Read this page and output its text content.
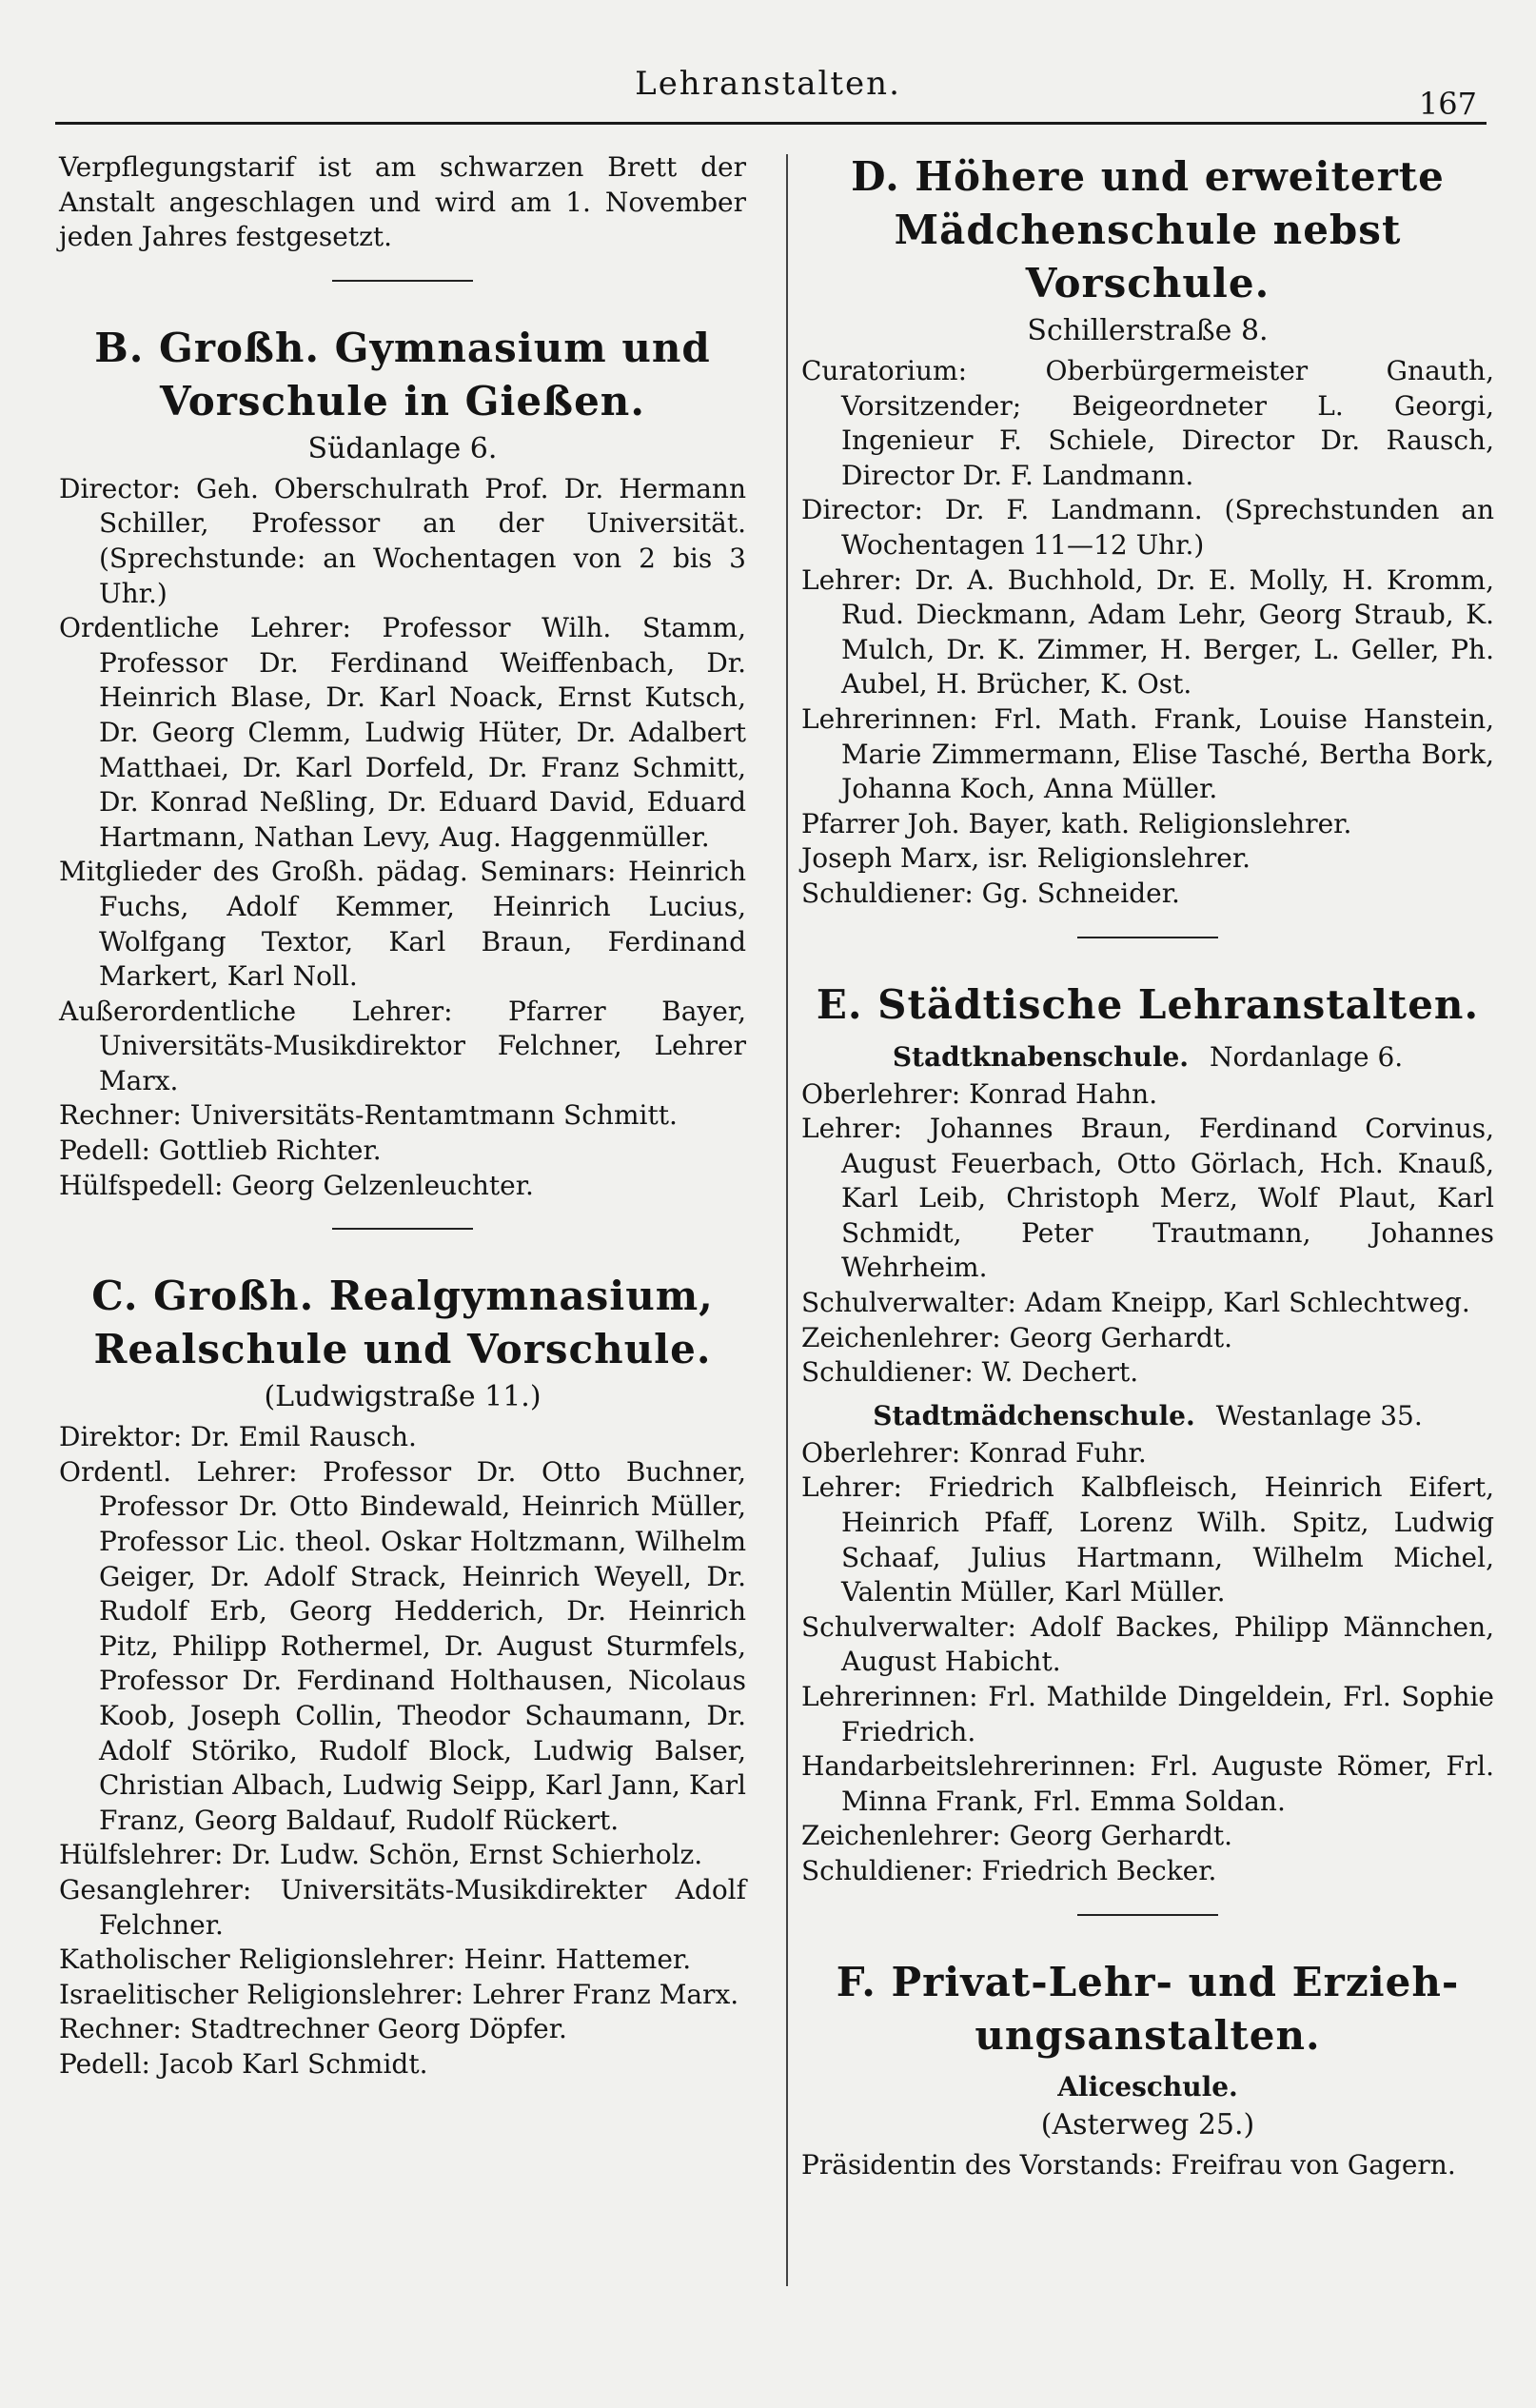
Lehranstalten.
167

Verpflegungstarif ist am schwarzen Brett der Anstalt angeschlagen und wird am 1. November jeden Jahres festgesetzt.

B. Großh. Gymnasium und
Vorschule in Gießen.
Südanlage 6.

Director: Geh. Oberschulrath Prof. Dr. Hermann Schiller, Professor an der Universität. (Sprechstunde: an Wochentagen von 2 bis 3 Uhr.)

Ordentliche Lehrer: Professor Wilh. Stamm, Professor Dr. Ferdinand Weiffenbach, Dr. Heinrich Blase, Dr. Karl Noack, Ernst Kutsch, Dr. Georg Clemm, Ludwig Hüter, Dr. Adalbert Matthaei, Dr. Karl Dorfeld, Dr. Franz Schmitt, Dr. Konrad Neßling, Dr. Eduard David, Eduard Hartmann, Nathan Levy, Aug. Haggenmüller.

Mitglieder des Großh. pädag. Seminars: Heinrich Fuchs, Adolf Kemmer, Heinrich Lucius, Wolfgang Textor, Karl Braun, Ferdinand Markert, Karl Noll.

Außerordentliche Lehrer: Pfarrer Bayer, Universitäts-Musikdirektor Felchner, Lehrer Marx.

Rechner: Universitäts-Rentamtmann Schmitt.

Pedell: Gottlieb Richter.

Hülfspedell: Georg Gelzenleuchter.

C. Großh. Realgymnasium,
Realschule und Vorschule.
(Ludwigstraße 11.)

Direktor: Dr. Emil Rausch.

Ordentl. Lehrer: Professor Dr. Otto Buchner, Professor Dr. Otto Bindewald, Heinrich Müller, Professor Lic. theol. Oskar Holtzmann, Wilhelm Geiger, Dr. Adolf Strack, Heinrich Weyell, Dr. Rudolf Erb, Georg Hedderich, Dr. Heinrich Pitz, Philipp Rothermel, Dr. August Sturmfels, Professor Dr. Ferdinand Holthausen, Nicolaus Koob, Joseph Collin, Theodor Schaumann, Dr. Adolf Störiko, Rudolf Block, Ludwig Balser, Christian Albach, Ludwig Seipp, Karl Jann, Karl Franz, Georg Baldauf, Rudolf Rückert.

Hülfslehrer: Dr. Ludw. Schön, Ernst Schierholz.

Gesanglehrer: Universitäts-Musikdirekter Adolf Felchner.

Katholischer Religionslehrer: Heinr. Hattemer.

Israelitischer Religionslehrer: Lehrer Franz Marx.

Rechner: Stadtrechner Georg Döpfer.

Pedell: Jacob Karl Schmidt.

D. Höhere und erweiterte
Mädchenschule nebst Vorschule.
Schillerstraße 8.

Curatorium: Oberbürgermeister Gnauth, Vorsitzender; Beigeordneter L. Georgi, Ingenieur F. Schiele, Director Dr. Rausch, Director Dr. F. Landmann.

Director: Dr. F. Landmann. (Sprechstunden an Wochentagen 11—12 Uhr.)

Lehrer: Dr. A. Buchhold, Dr. E. Molly, H. Kromm, Rud. Dieckmann, Adam Lehr, Georg Straub, K. Mulch, Dr. K. Zimmer, H. Berger, L. Geller, Ph. Aubel, H. Brücher, K. Ost.

Lehrerinnen: Frl. Math. Frank, Louise Hanstein, Marie Zimmermann, Elise Tasché, Bertha Bork, Johanna Koch, Anna Müller.

Pfarrer Joh. Bayer, kath. Religionslehrer.

Joseph Marx, isr. Religionslehrer.

Schuldiener: Gg. Schneider.

E. Städtische Lehranstalten.
Stadtknabenschule. Nordanlage 6.

Oberlehrer: Konrad Hahn.

Lehrer: Johannes Braun, Ferdinand Corvinus, August Feuerbach, Otto Görlach, Hch. Knauß, Karl Leib, Christoph Merz, Wolf Plaut, Karl Schmidt, Peter Trautmann, Johannes Wehrheim.

Schulverwalter: Adam Kneipp, Karl Schlechtweg.

Zeichenlehrer: Georg Gerhardt.

Schuldiener: W. Dechert.

Stadtmädchenschule. Westanlage 35.

Oberlehrer: Konrad Fuhr.

Lehrer: Friedrich Kalbfleisch, Heinrich Eifert, Heinrich Pfaff, Lorenz Wilh. Spitz, Ludwig Schaaf, Julius Hartmann, Wilhelm Michel, Valentin Müller, Karl Müller.

Schulverwalter: Adolf Backes, Philipp Männchen, August Habicht.

Lehrerinnen: Frl. Mathilde Dingeldein, Frl. Sophie Friedrich.

Handarbeitslehrerinnen: Frl. Auguste Römer, Frl. Minna Frank, Frl. Emma Soldan.

Zeichenlehrer: Georg Gerhardt.

Schuldiener: Friedrich Becker.

F. Privat-Lehr- und Erzieh-
ungsanstalten.
Aliceschule.
(Asterweg 25.)

Präsidentin des Vorstands: Freifrau von Gagern.
